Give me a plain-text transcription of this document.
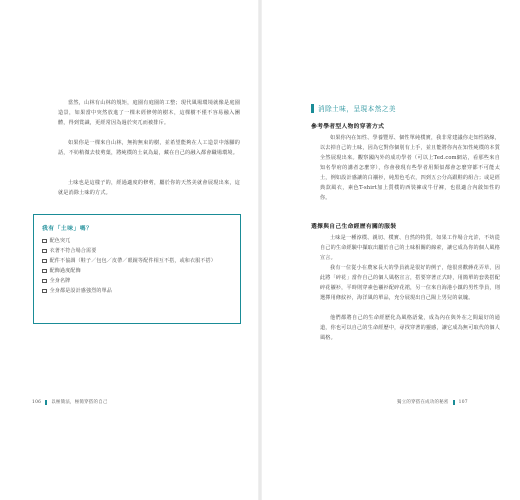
當然，山林有山林的規矩，庭園有庭園的工整；現代風場環境就像是庭園造景，如果當中突然放進了一棵未經修剪的樹木，這棵樹不僅不容易融入團體，得到賞識，更經常因為過於突兀而被排斥。

如果你是一棵來自山林，無拘無束的樹，並希望能夠在人工造景中落腳的話，不妨稍微去枝剪葉，將純樸的土氣為最，藏在自己的融入都會職場環境。

土味也是這樣子的，經過適度的修剪，屬於你的天然美就會展現出來，這就是消除土味的方式。

我有「土味」嗎？
配色突兀
衣著不符合場合需要
配件不協調（鞋子／包包／皮帶／眼鏡等配件相互不搭，或和衣服不搭）
配飾過度配飾
全身名牌
全身都是設計感強烈的單品
106 以極簡法，極簡穿搭的自己
消除土味，呈現本然之美

參考學者型人物的穿著方式

如果你內在知性、學養豐厚、個性單純樸實，我非常建議你走知性路線，以去掉自己的土味，因為它對你個別有上手，並且能將你內在知性純樸的本質全然展現出來。觀察國內外的成功學者（可以上Ted.com網站，看那些來自知名學府的講者怎麼穿），你會發現有些學者用類似都會怎麼穿都不可能太土，例如設計感讓的白襯衫，純黑色毛衣，四到五公分高跟鞋的組合；或是經典款風衣，素色T-shirt加上質樸的西裝褲或牛仔褲，也很適合內斂知性的你。

選擇與自己生命經歷有關的服裝

土味是一種淳樸、親切、樸實、自然的特質，如果工作場合允許，不妨從自己的生命經驗中擷取出屬於自己的土味相關的線索，讓它成為你的個人風格宣言。

我有一位從小在農家長大的學員就是很好的例子，他很喜歡蔣花弄草，因此將「碎花」當作自己的個人風格宣言，搭要穿著正式時，用簡單的套裝搭配碎花襯衫，平時則穿素色襯衫配碎花裙，另一位來自海港小鎮的男性學員，則選擇用條紋衫，海洋風的單品，充分展現出自己陽上男兒的氣魄。

他們都將自己的生命經歷化為風格語彙，成為內在與外在之間最好的通道，你也可以自己的生命經歷中，尋找穿著的靈感，讓它成為無可取代的個人風格。

獨立的穿搭在成功的秘密 107
